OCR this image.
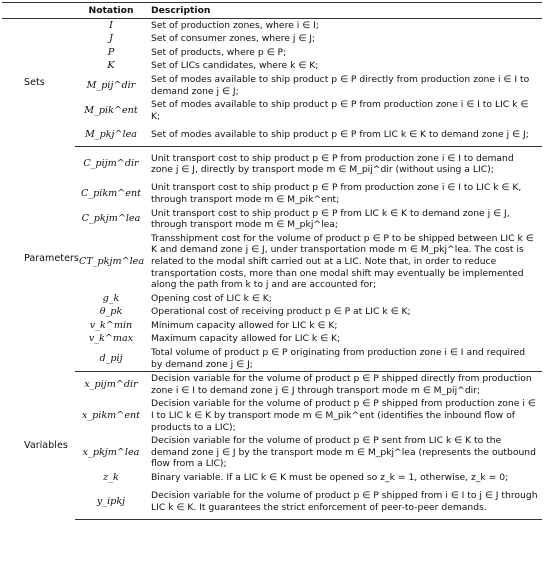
	Notation	Description
Sets	I	Set of production zones, where i ∈ I;
	J	Set of consumer zones, where j ∈ J;
	P	Set of products, where p ∈ P;
	K	Set of LICs candidates, where k ∈ K;
	M_pij^dir	Set of modes available to ship product p ∈ P directly from production zone i ∈ I to demand zone j ∈ J;
	M_pik^ent	Set of modes available to ship product p ∈ P from production zone i ∈ I to LIC k ∈ K;
	M_pkj^lea	Set of modes available to ship product p ∈ P from LIC k ∈ K to demand zone j ∈ J;
Parameters	C_pijm^dir	Unit transport cost to ship product p ∈ P from production zone i ∈ I to demand zone j ∈ J, directly by transport mode m ∈ M_pij^dir (without using a LIC);
	C_pikm^ent	Unit transport cost to ship product p ∈ P from production zone i ∈ I to LIC k ∈ K, through transport mode m ∈ M_pik^ent;
	C_pkjm^lea	Unit transport cost to ship product p ∈ P from LIC k ∈ K to demand zone j ∈ J, through transport mode m ∈ M_pkj^lea;
	CT_pkjm^lea	Transshipment cost for the volume of product p ∈ P to be shipped between LIC k ∈ K and demand zone j ∈ J, under transportation mode m ∈ M_pkj^lea. The cost is related to the modal shift carried out at a LIC. Note that, in order to reduce transportation costs, more than one modal shift may eventually be implemented along the path from k to j and are accounted for;
	g_k	Opening cost of LIC k ∈ K;
	θ_pk	Operational cost of receiving product p ∈ P at LIC k ∈ K;
	v_k^min	Minimum capacity allowed for LIC k ∈ K;
	v_k^max	Maximum capacity allowed for LIC k ∈ K;
	d_pij	Total volume of product p ∈ P originating from production zone i ∈ I and required by demand zone j ∈ J;
Variables	x_pijm^dir	Decision variable for the volume of product p ∈ P shipped directly from production zone i ∈ I to demand zone j ∈ J through transport mode m ∈ M_pij^dir;
	x_pikm^ent	Decision variable for the volume of product p ∈ P shipped from production zone i ∈ I to LIC k ∈ K by transport mode m ∈ M_pik^ent (identifies the inbound flow of products to a LIC);
	x_pkjm^lea	Decision variable for the volume of product p ∈ P sent from LIC k ∈ K to the demand zone j ∈ J by the transport mode m ∈ M_pkj^lea (represents the outbound flow from a LIC);
	z_k	Binary variable. If a LIC k ∈ K must be opened so z_k = 1, otherwise, z_k = 0;
	y_ipkj	Decision variable for the volume of product p ∈ P shipped from i ∈ I to j ∈ J through LIC k ∈ K. It guarantees the strict enforcement of peer-to-peer demands.
